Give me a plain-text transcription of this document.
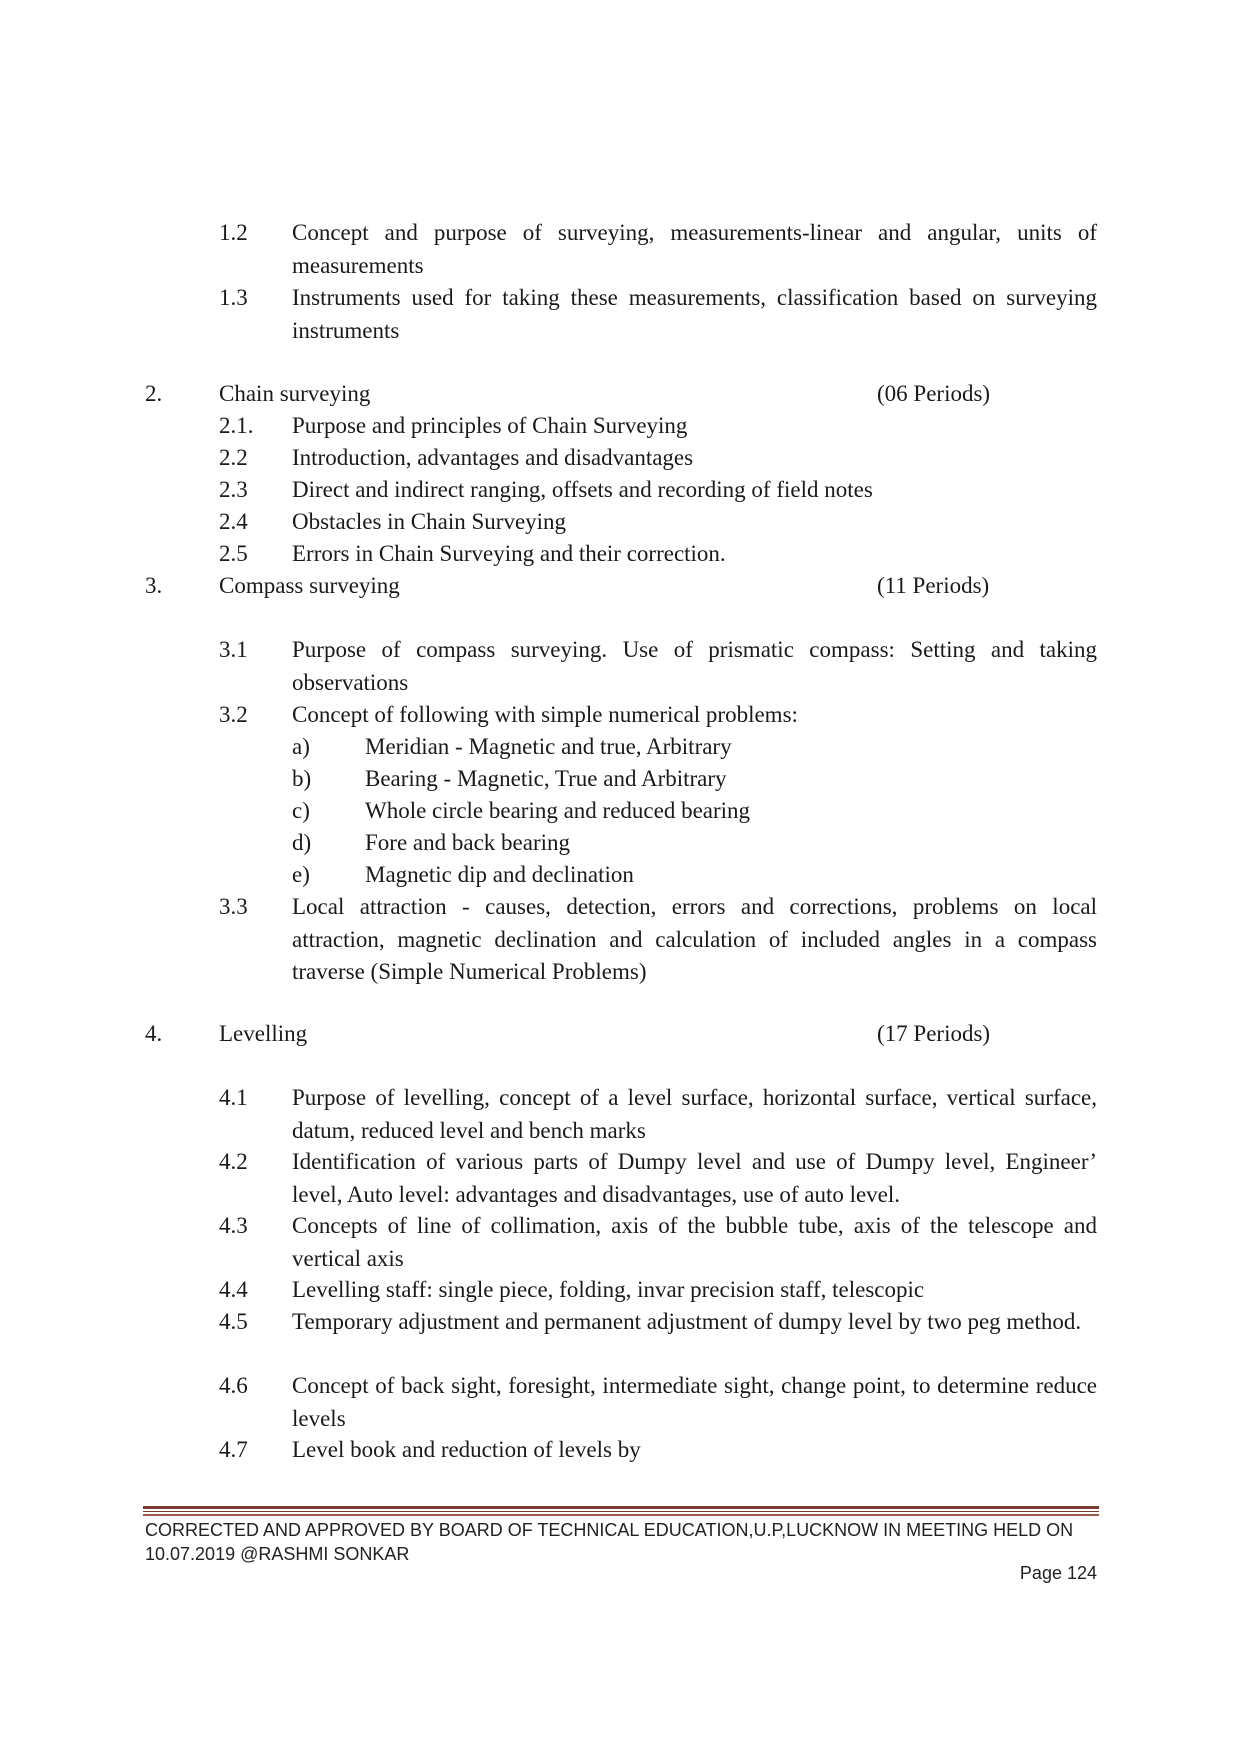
1.2 Concept and purpose of surveying, measurements-linear and angular, units of measurements
1.3 Instruments used for taking these measurements, classification based on surveying instruments
2. Chain surveying	(06 Periods)
2.1. Purpose and principles of Chain Surveying
2.2 Introduction, advantages and disadvantages
2.3 Direct and indirect ranging, offsets and recording of field notes
2.4 Obstacles in Chain Surveying
2.5 Errors in Chain Surveying and their correction.
3. Compass surveying	(11 Periods)
3.1 Purpose of compass surveying. Use of prismatic compass: Setting and taking observations
3.2 Concept of following with simple numerical problems:
a) Meridian - Magnetic and true, Arbitrary
b) Bearing - Magnetic, True and Arbitrary
c) Whole circle bearing and reduced bearing
d) Fore and back bearing
e) Magnetic dip and declination
3.3 Local attraction - causes, detection, errors and corrections, problems on local attraction, magnetic declination and calculation of included angles in a compass traverse (Simple Numerical Problems)
4. Levelling	(17 Periods)
4.1 Purpose of levelling, concept of a level surface, horizontal surface, vertical surface, datum, reduced level and bench marks
4.2 Identification of various parts of Dumpy level and use of Dumpy level, Engineer’ level, Auto level: advantages and disadvantages, use of auto level.
4.3 Concepts of line of collimation, axis of the bubble tube, axis of the telescope and vertical axis
4.4 Levelling staff: single piece, folding, invar precision staff, telescopic
4.5 Temporary adjustment and permanent adjustment of dumpy level by two peg method.
4.6 Concept of back sight, foresight, intermediate sight, change point, to determine reduce levels
4.7 Level book and reduction of levels by
CORRECTED AND APPROVED BY BOARD OF TECHNICAL EDUCATION,U.P,LUCKNOW IN MEETING HELD ON
10.07.2019 @RASHMI SONKAR
Page 124
